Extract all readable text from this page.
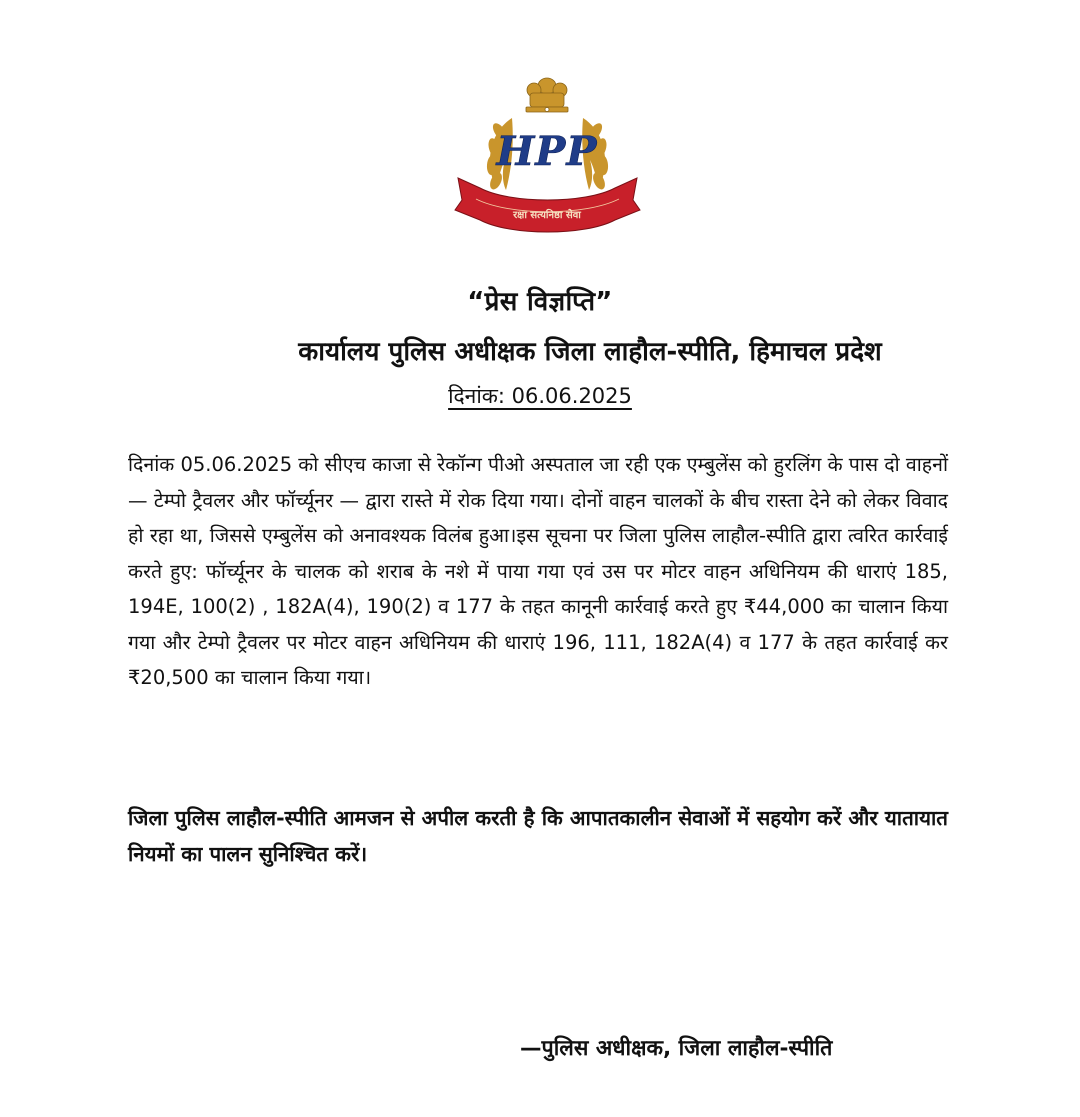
HPP
रक्षा सत्यनिष्ठा सेवा
“प्रेस विज्ञप्ति”
कार्यालय पुलिस अधीक्षक जिला लाहौल-स्पीति, हिमाचल प्रदेश
दिनांक: 06.06.2025
दिनांक 05.06.2025 को सीएच काजा से रेकॉन्ग पीओ अस्पताल जा रही एक एम्बुलेंस को हुरलिंग के पास दो वाहनों — टेम्पो ट्रैवलर और फॉर्च्यूनर — द्वारा रास्ते में रोक दिया गया। दोनों वाहन चालकों के बीच रास्ता देने को लेकर विवाद हो रहा था, जिससे एम्बुलेंस को अनावश्यक विलंब हुआ।इस सूचना पर जिला पुलिस लाहौल-स्पीति द्वारा त्वरित कार्रवाई करते हुए: फॉर्च्यूनर के चालक को शराब के नशे में पाया गया एवं उस पर मोटर वाहन अधिनियम की धाराएं 185, 194E, 100(2) , 182A(4), 190(2) व 177 के तहत कानूनी कार्रवाई करते हुए ₹44,000 का चालान किया गया और टेम्पो ट्रैवलर पर मोटर वाहन अधिनियम की धाराएं 196, 111, 182A(4) व 177 के तहत कार्रवाई कर ₹20,500 का चालान किया गया।
जिला पुलिस लाहौल-स्पीति आमजन से अपील करती है कि आपातकालीन सेवाओं में सहयोग करें और यातायात नियमों का पालन सुनिश्चित करें।
—पुलिस अधीक्षक, जिला लाहौल-स्पीति
